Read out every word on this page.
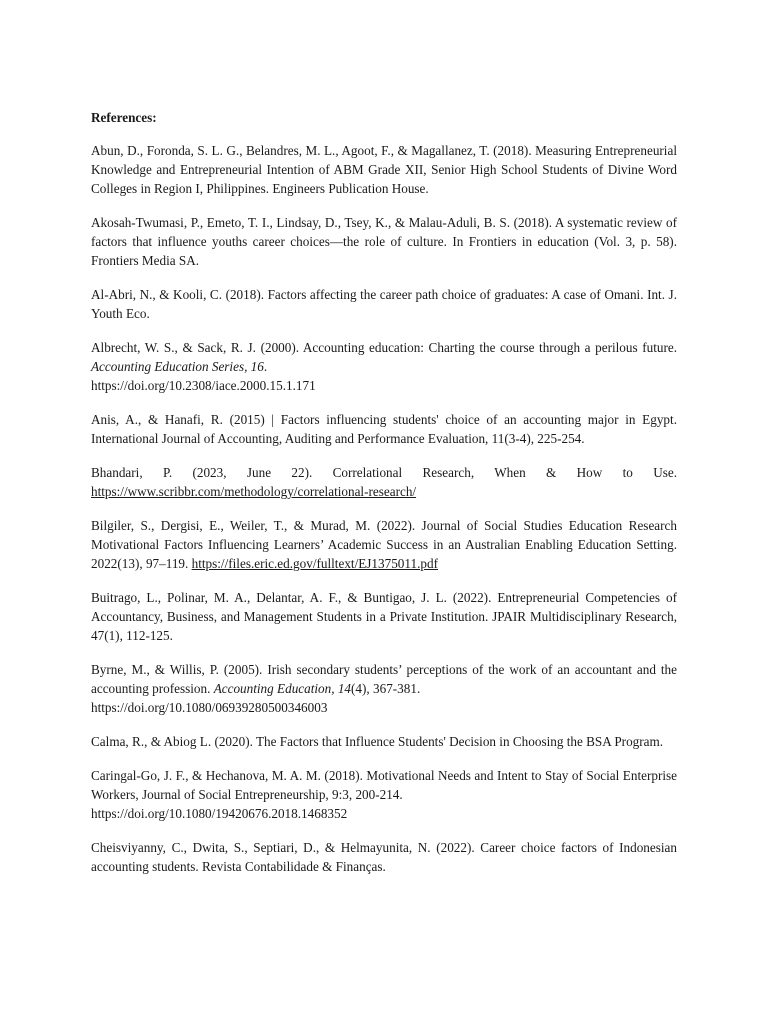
References:

Abun, D., Foronda, S. L. G., Belandres, M. L., Agoot, F., & Magallanez, T. (2018). Measuring Entrepreneurial Knowledge and Entrepreneurial Intention of ABM Grade XII, Senior High School Students of Divine Word Colleges in Region I, Philippines. Engineers Publication House.

Akosah-Twumasi, P., Emeto, T. I., Lindsay, D., Tsey, K., & Malau-Aduli, B. S. (2018). A systematic review of factors that influence youths career choices—the role of culture. In Frontiers in education (Vol. 3, p. 58). Frontiers Media SA.

Al-Abri, N., & Kooli, C. (2018). Factors affecting the career path choice of graduates: A case of Omani. Int. J. Youth Eco.

Albrecht, W. S., & Sack, R. J. (2000). Accounting education: Charting the course through a perilous future. Accounting Education Series, 16.
https://doi.org/10.2308/iace.2000.15.1.171

Anis, A., & Hanafi, R. (2015) | Factors influencing students' choice of an accounting major in Egypt. International Journal of Accounting, Auditing and Performance Evaluation, 11(3-4), 225-254.

Bhandari, P. (2023, June 22). Correlational Research, When & How to Use.
https://www.scribbr.com/methodology/correlational-research/

Bilgiler, S., Dergisi, E., Weiler, T., & Murad, M. (2022). Journal of Social Studies Education Research Motivational Factors Influencing Learners’ Academic Success in an Australian Enabling Education Setting. 2022(13), 97–119. https://files.eric.ed.gov/fulltext/EJ1375011.pdf

Buitrago, L., Polinar, M. A., Delantar, A. F., & Buntigao, J. L. (2022). Entrepreneurial Competencies of Accountancy, Business, and Management Students in a Private Institution. JPAIR Multidisciplinary Research, 47(1), 112-125.

Byrne, M., & Willis, P. (2005). Irish secondary students’ perceptions of the work of an accountant and the accounting profession. Accounting Education, 14(4), 367-381.
https://doi.org/10.1080/06939280500346003

Calma, R., & Abiog L. (2020). The Factors that Influence Students' Decision in Choosing the BSA Program.

Caringal-Go, J. F., & Hechanova, M. A. M. (2018). Motivational Needs and Intent to Stay of Social Enterprise Workers, Journal of Social Entrepreneurship, 9:3, 200-214.
https://doi.org/10.1080/19420676.2018.1468352

Cheisviyanny, C., Dwita, S., Septiari, D., & Helmayunita, N. (2022). Career choice factors of Indonesian accounting students. Revista Contabilidade & Finanças.
